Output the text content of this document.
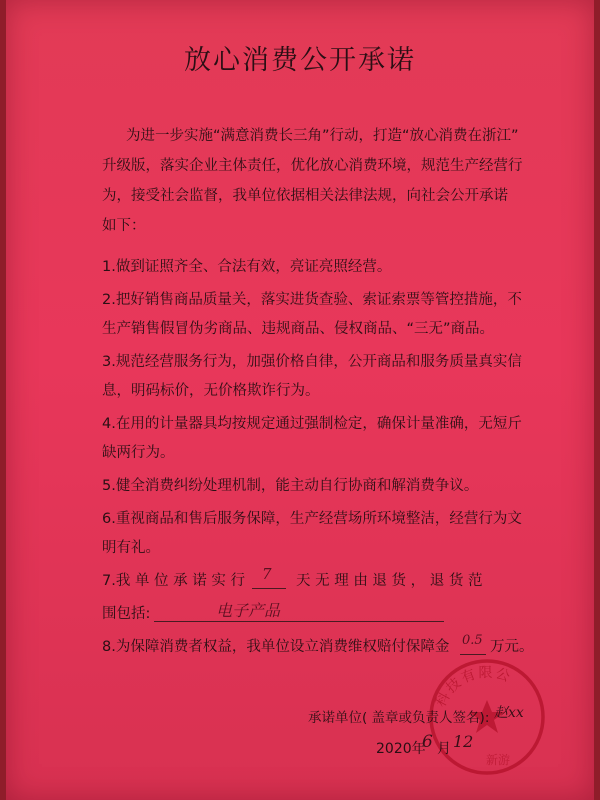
放心消费公开承诺
为进一步实施“满意消费长三角”行动，打造“放心消费在浙江”
升级版，落实企业主体责任，优化放心消费环境，规范生产经营行
为，接受社会监督，我单位依据相关法律法规，向社会公开承诺
如下：
1.做到证照齐全、合法有效，亮证亮照经营。
2.把好销售商品质量关，落实进货查验、索证索票等管控措施，不
生产销售假冒伪劣商品、违规商品、侵权商品、“三无”商品。
3.规范经营服务行为，加强价格自律，公开商品和服务质量真实信
息，明码标价，无价格欺诈行为。
4.在用的计量器具均按规定通过强制检定，确保计量准确，无短斤
缺两行为。
5.健全消费纠纷处理机制，能主动自行协商和解消费争议。
6.重视商品和售后服务保障，生产经营场所环境整洁，经营行为文
明有礼。
7.我 单 位 承 诺 实 行 7 天 无 理 由 退 货 ， 退 货 范
围包括:	电子产品
8.为保障消费者权益，我单位设立消费维权赔付保障金 0.5 万元。
科技有限公
新游
承诺单位( 盖章或负责人签名): 赵xx
2020年
6 月 12
